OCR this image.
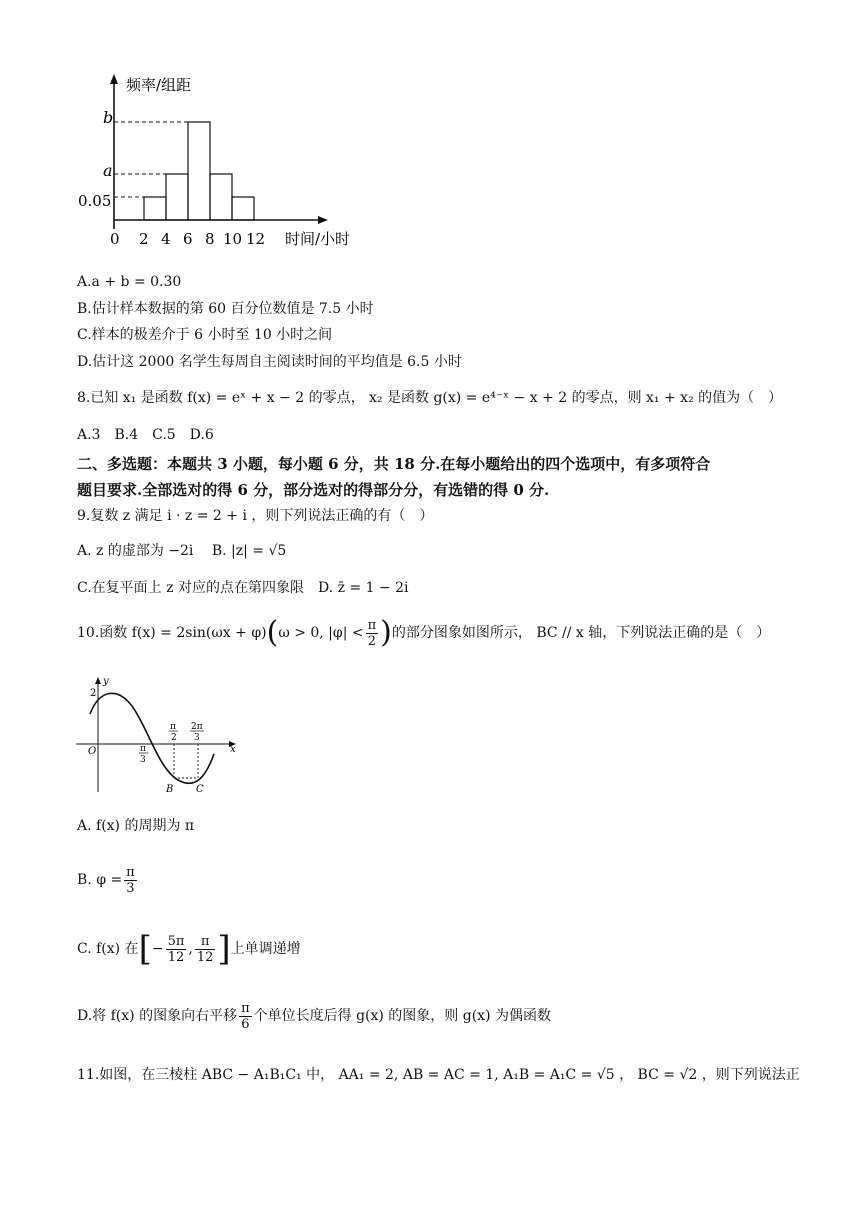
频率/组距
时间/小时
b
a
0.05
0 2 4 6 8 10 12
A.a + b = 0.30
B.估计样本数据的第 60 百分位数值是 7.5 小时
C.样本的极差介于 6 小时至 10 小时之间
D.估计这 2000 名学生每周自主阅读时间的平均值是 6.5 小时
8.已知 x₁ 是函数 f(x) = eˣ + x − 2 的零点， x₂ 是函数 g(x) = e⁴⁻ˣ − x + 2 的零点，则 x₁ + x₂ 的值为（　）
A.3　B.4　C.5　D.6
二、多选题：本题共 3 小题，每小题 6 分，共 18 分.在每小题给出的四个选项中，有多项符合
题目要求.全部选对的得 6 分，部分选对的得部分分，有选错的得 0 分.
9.复数 z 满足 i · z = 2 + i ，则下列说法正确的有（　）
A. z 的虚部为 −2i　 B. |z| = √5
C.在复平面上 z 对应的点在第四象限　D. z̄ = 1 − 2i
10.函数 f(x) = 2sin(ωx + φ)(ω > 0, $|\varphi| < \frac{\pi}{2}$ )的部分图象如图所示， BC // x 轴，下列说法正确的是（　）
y
x
O
2
π
3
π
2
2π
3
B C
A. f(x) 的周期为 π
B. $\varphi = \frac{\pi}{3}$
C. f(x) 在[− $\frac{5\pi}{12}$ , $\frac{\pi}{12}$ ]上单调递增
D.将 f(x) 的图象向右平移 $\frac{\pi}{6}$ 个单位长度后得 g(x) 的图象，则 g(x) 为偶函数
11.如图，在三棱柱 ABC − A₁B₁C₁ 中， AA₁ = 2, AB = AC = 1, A₁B = A₁C = √5 ， BC = √2 ，则下列说法正
